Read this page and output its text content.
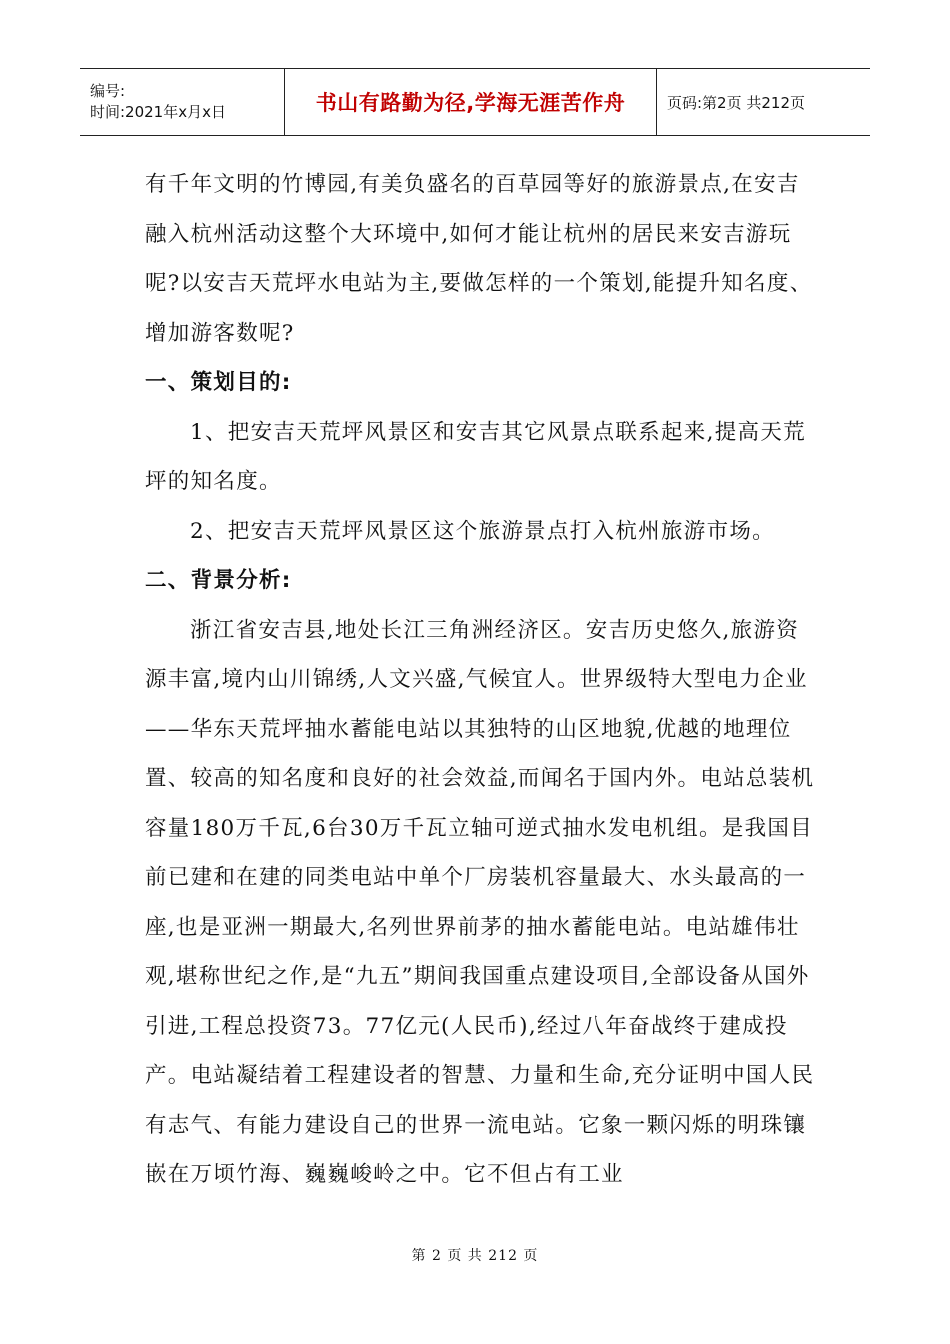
编号:
时间:2021年x月x日	书山有路勤为径,学海无涯苦作舟	页码:第2页 共212页

有千年文明的竹博园,有美负盛名的百草园等好的旅游景点,在安吉融入杭州活动这整个大环境中,如何才能让杭州的居民来安吉游玩呢?以安吉天荒坪水电站为主,要做怎样的一个策划,能提升知名度、增加游客数呢?

一、策划目的:

1、把安吉天荒坪风景区和安吉其它风景点联系起来,提高天荒坪的知名度。

2、把安吉天荒坪风景区这个旅游景点打入杭州旅游市场。

二、背景分析:

浙江省安吉县,地处长江三角洲经济区。安吉历史悠久,旅游资源丰富,境内山川锦绣,人文兴盛,气候宜人。世界级特大型电力企业——华东天荒坪抽水蓄能电站以其独特的山区地貌,优越的地理位置、较高的知名度和良好的社会效益,而闻名于国内外。电站总装机容量180万千瓦,6台30万千瓦立轴可逆式抽水发电机组。是我国目前已建和在建的同类电站中单个厂房装机容量最大、水头最高的一座,也是亚洲一期最大,名列世界前茅的抽水蓄能电站。电站雄伟壮观,堪称世纪之作,是“九五”期间我国重点建设项目,全部设备从国外引进,工程总投资73。77亿元(人民币),经过八年奋战终于建成投产。电站凝结着工程建设者的智慧、力量和生命,充分证明中国人民有志气、有能力建设自己的世界一流电站。它象一颗闪烁的明珠镶嵌在万顷竹海、巍巍峻岭之中。它不但占有工业

第 2 页 共 212 页
